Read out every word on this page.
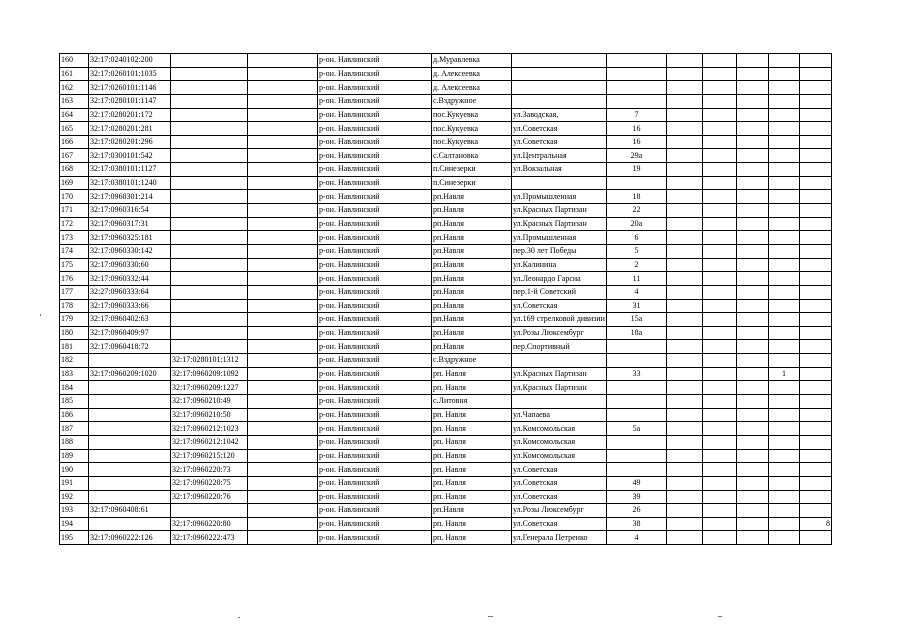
160	32:17:0240102:200			р-он. Навлинский	д.Муравлевка							
161	32:17:0260101:1035			р-он. Навлинский	д. Алексеевка							
162	32:17:0260101:1146			р-он. Навлинский	д. Алексеевка							
163	32:17:0280101:1147			р-он. Навлинский	с.Вздружное							
164	32:17:0280201:172			р-он. Навлинский	пос.Кукуевка	ул.Заводская,	7					
165	32:17:0280201:281			р-он. Навлинский	пос.Кукуевка	ул.Советская	16					
166	32:17:0280201:296			р-он. Навлинский	пос.Кукуевка	ул.Советская	16					
167	32:17:0300101:542			р-он. Навлинский	с.Салтановка	ул.Центральная	29а					
168	32:17:0380101:1127			р-он. Навлинский	п.Синезерки	ул.Вокзальная	19					
169	32:17:0380101:1240			р-он. Навлинский	п.Синезерки							
170	32:17:0960301:214			р-он. Навлинский	рп.Навля	ул.Промышленная	18					
171	32:17:0960316:54			р-он. Навлинский	рп.Навля	ул.Красных Партизан	22					
172	32:17:0960317:31			р-он. Навлинский	рп.Навля	ул.Красных Партизан	20а					
173	32:17:0960325:181			р-он. Навлинский	рп.Навля	ул.Промышленная	6					
174	32:17:0960330:142			р-он. Навлинский	рп.Навля	пер.30 лет Победы	5					
175	32:17:0960330:60			р-он. Навлинский	рп.Навля	ул.Калинина	2					
176	32:17:0960332:44			р-он. Навлинский	рп.Навля	ул.Леонардо Гарсиа	11					
177	32:27:0960333:64			р-он. Навлинский	рп.Навля	пер.1-й Советский	4					
178	32:17:0960333:66			р-он. Навлинский	рп.Навля	ул.Советская	31					
179	32:17:0960402:63			р-он. Навлинский	рп.Навля	ул.169 стрелковой дивизии	15а					
180	32:17:0960409:97			р-он. Навлинский	рп.Навля	ул.Розы Люксембург	18а					
181	32:17:0960418:72			р-он. Навлинский	рп.Навля	пер.Спортивный						
182		32:17:0280101:1312		р-он. Навлинский	с.Вздружное							
183	32:17:0960209:1020	32:17:0960209:1092		р-он. Навлинский	рп. Навля	ул.Красных Партизан	33				1	
184		32:17:0960209:1227		р-он. Навлинский	рп. Навля	ул.Красных Партизан						
185		32:17:0960210:49		р-он. Навлинский	с.Литовня							
186		32:17:0960210:50		р-он. Навлинский	рп. Навля	ул.Чапаева						
187		32:17:0960212:1023		р-он. Навлинский	рп. Навля	ул.Комсомольская	5а					
188		32:17:0960212:1042		р-он. Навлинский	рп. Навля	ул.Комсомольская						
189		32:17:0960215:120		р-он. Навлинский	рп. Навля	ул.Комсомольская						
190		32:17:0960220:73		р-он. Навлинский	рп. Навля	ул.Советская						
191		32:17:0960220:75		р-он. Навлинский	рп. Навля	ул.Советская	49					
192		32:17:0960220:76		р-он. Навлинский	рп. Навля	ул.Советская	39					
193	32:17:0960408:61			р-он. Навлинский	рп.Навля	ул.Розы Люксембург	26					
194		32:17:0960220:80		р-он. Навлинский	рп. Навля	ул.Советская	38					8
195	32:17:0960222:126	32:17:0960222:473		р-он. Навлинский	рп. Навля	ул.Генерала Петренко	4					
